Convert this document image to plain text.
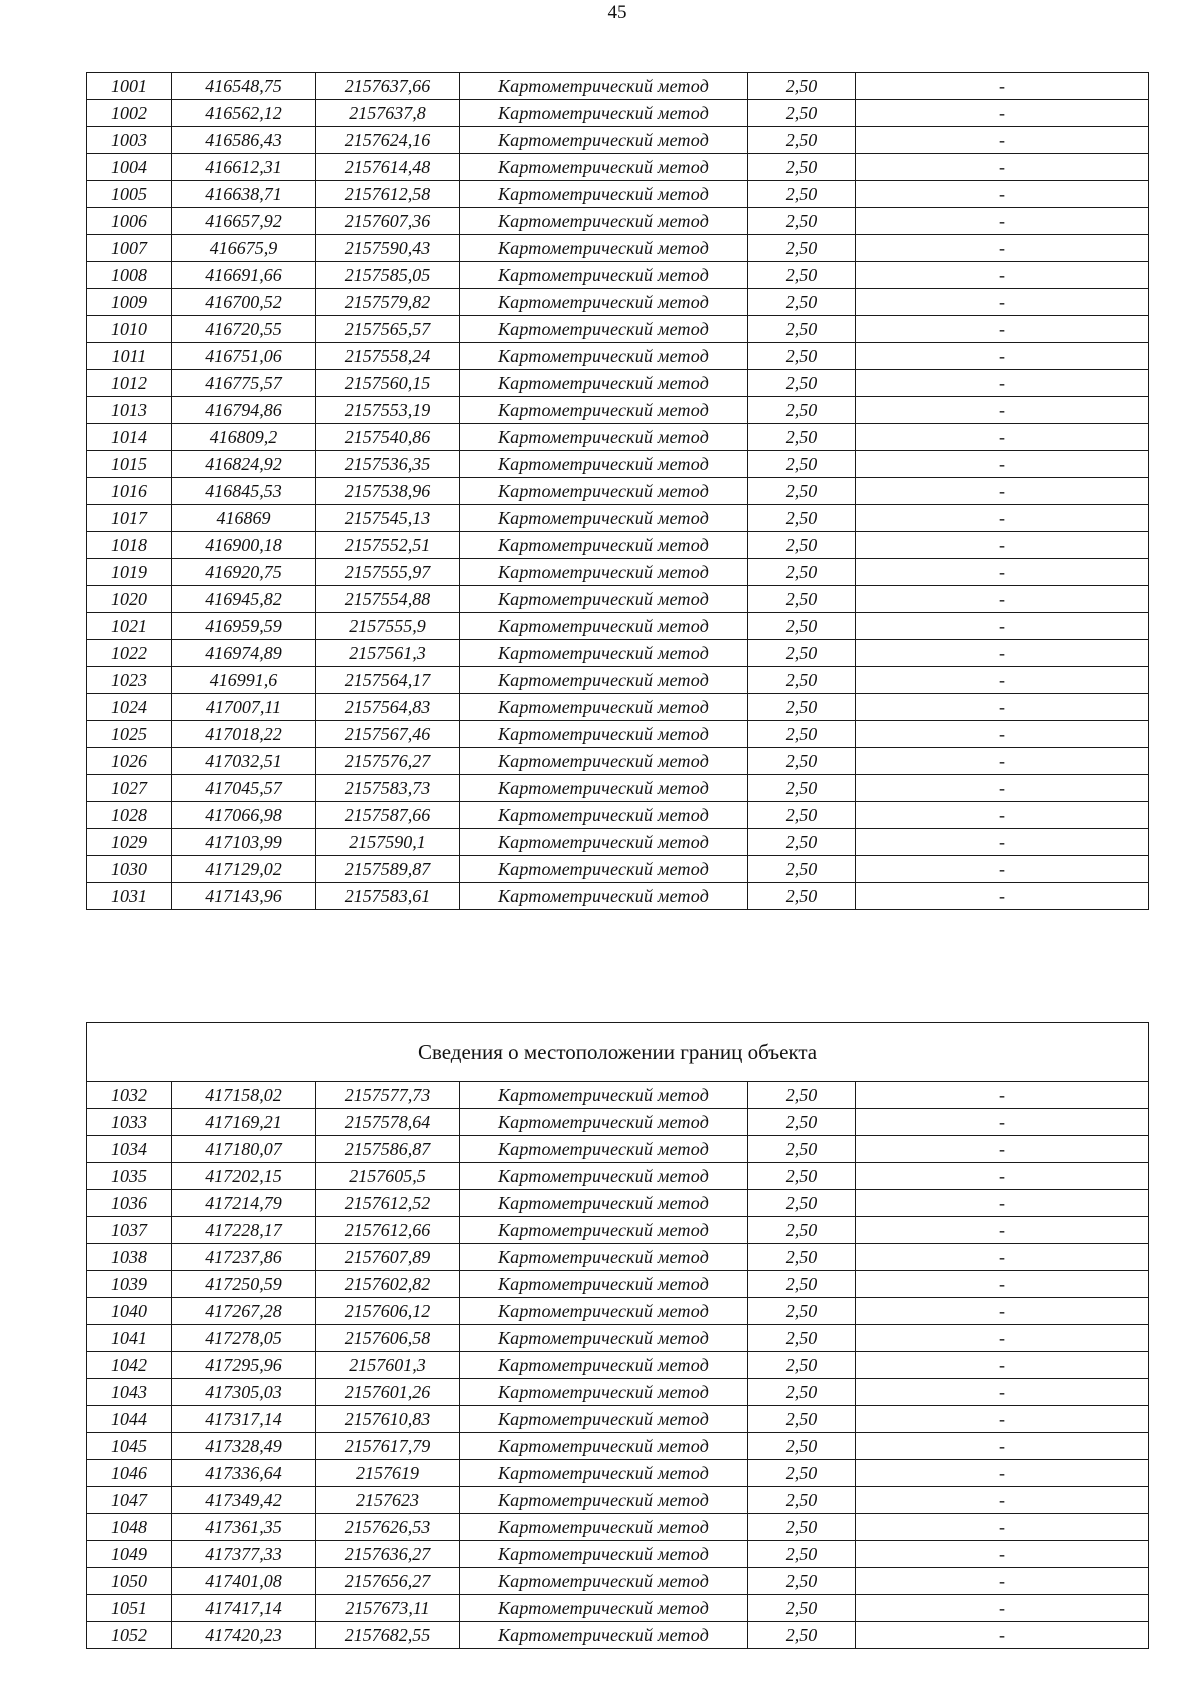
45
1001	416548,75	2157637,66	Картометрический метод	2,50	-
1002	416562,12	2157637,8	Картометрический метод	2,50	-
1003	416586,43	2157624,16	Картометрический метод	2,50	-
1004	416612,31	2157614,48	Картометрический метод	2,50	-
1005	416638,71	2157612,58	Картометрический метод	2,50	-
1006	416657,92	2157607,36	Картометрический метод	2,50	-
1007	416675,9	2157590,43	Картометрический метод	2,50	-
1008	416691,66	2157585,05	Картометрический метод	2,50	-
1009	416700,52	2157579,82	Картометрический метод	2,50	-
1010	416720,55	2157565,57	Картометрический метод	2,50	-
1011	416751,06	2157558,24	Картометрический метод	2,50	-
1012	416775,57	2157560,15	Картометрический метод	2,50	-
1013	416794,86	2157553,19	Картометрический метод	2,50	-
1014	416809,2	2157540,86	Картометрический метод	2,50	-
1015	416824,92	2157536,35	Картометрический метод	2,50	-
1016	416845,53	2157538,96	Картометрический метод	2,50	-
1017	416869	2157545,13	Картометрический метод	2,50	-
1018	416900,18	2157552,51	Картометрический метод	2,50	-
1019	416920,75	2157555,97	Картометрический метод	2,50	-
1020	416945,82	2157554,88	Картометрический метод	2,50	-
1021	416959,59	2157555,9	Картометрический метод	2,50	-
1022	416974,89	2157561,3	Картометрический метод	2,50	-
1023	416991,6	2157564,17	Картометрический метод	2,50	-
1024	417007,11	2157564,83	Картометрический метод	2,50	-
1025	417018,22	2157567,46	Картометрический метод	2,50	-
1026	417032,51	2157576,27	Картометрический метод	2,50	-
1027	417045,57	2157583,73	Картометрический метод	2,50	-
1028	417066,98	2157587,66	Картометрический метод	2,50	-
1029	417103,99	2157590,1	Картометрический метод	2,50	-
1030	417129,02	2157589,87	Картометрический метод	2,50	-
1031	417143,96	2157583,61	Картометрический метод	2,50	-
Сведения о местоположении границ объекта					
1032	417158,02	2157577,73	Картометрический метод	2,50	-
1033	417169,21	2157578,64	Картометрический метод	2,50	-
1034	417180,07	2157586,87	Картометрический метод	2,50	-
1035	417202,15	2157605,5	Картометрический метод	2,50	-
1036	417214,79	2157612,52	Картометрический метод	2,50	-
1037	417228,17	2157612,66	Картометрический метод	2,50	-
1038	417237,86	2157607,89	Картометрический метод	2,50	-
1039	417250,59	2157602,82	Картометрический метод	2,50	-
1040	417267,28	2157606,12	Картометрический метод	2,50	-
1041	417278,05	2157606,58	Картометрический метод	2,50	-
1042	417295,96	2157601,3	Картометрический метод	2,50	-
1043	417305,03	2157601,26	Картометрический метод	2,50	-
1044	417317,14	2157610,83	Картометрический метод	2,50	-
1045	417328,49	2157617,79	Картометрический метод	2,50	-
1046	417336,64	2157619	Картометрический метод	2,50	-
1047	417349,42	2157623	Картометрический метод	2,50	-
1048	417361,35	2157626,53	Картометрический метод	2,50	-
1049	417377,33	2157636,27	Картометрический метод	2,50	-
1050	417401,08	2157656,27	Картометрический метод	2,50	-
1051	417417,14	2157673,11	Картометрический метод	2,50	-
1052	417420,23	2157682,55	Картометрический метод	2,50	-
